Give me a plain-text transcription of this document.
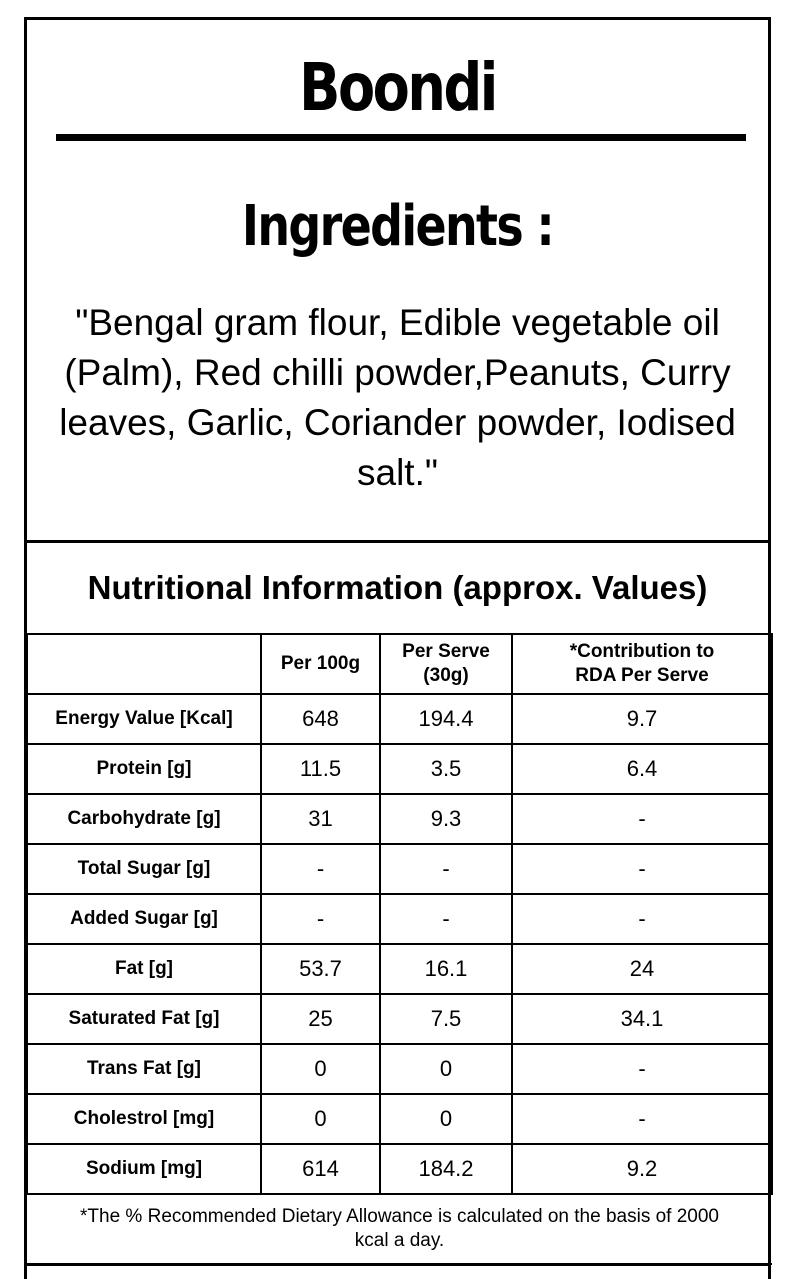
Boondi
Ingredients :
"Bengal gram flour, Edible vegetable oil (Palm), Red chilli powder,Peanuts, Curry leaves, Garlic, Coriander powder, Iodised salt."
Nutritional Information (approx. Values)
	Per 100g	Per Serve (30g)	*Contribution to RDA Per Serve

Energy Value [Kcal]	648	194.4	9.7
Protein [g]	11.5	3.5	6.4
Carbohydrate [g]	31	9.3	-
Total Sugar [g]	-	-	-
Added Sugar [g]	-	-	-
Fat [g]	53.7	16.1	24
Saturated Fat [g]	25	7.5	34.1
Trans Fat [g]	0	0	-
Cholestrol [mg]	0	0	-
Sodium [mg]	614	184.2	9.2

*The % Recommended Dietary Allowance is calculated on the basis of 2000 kcal a day.			
